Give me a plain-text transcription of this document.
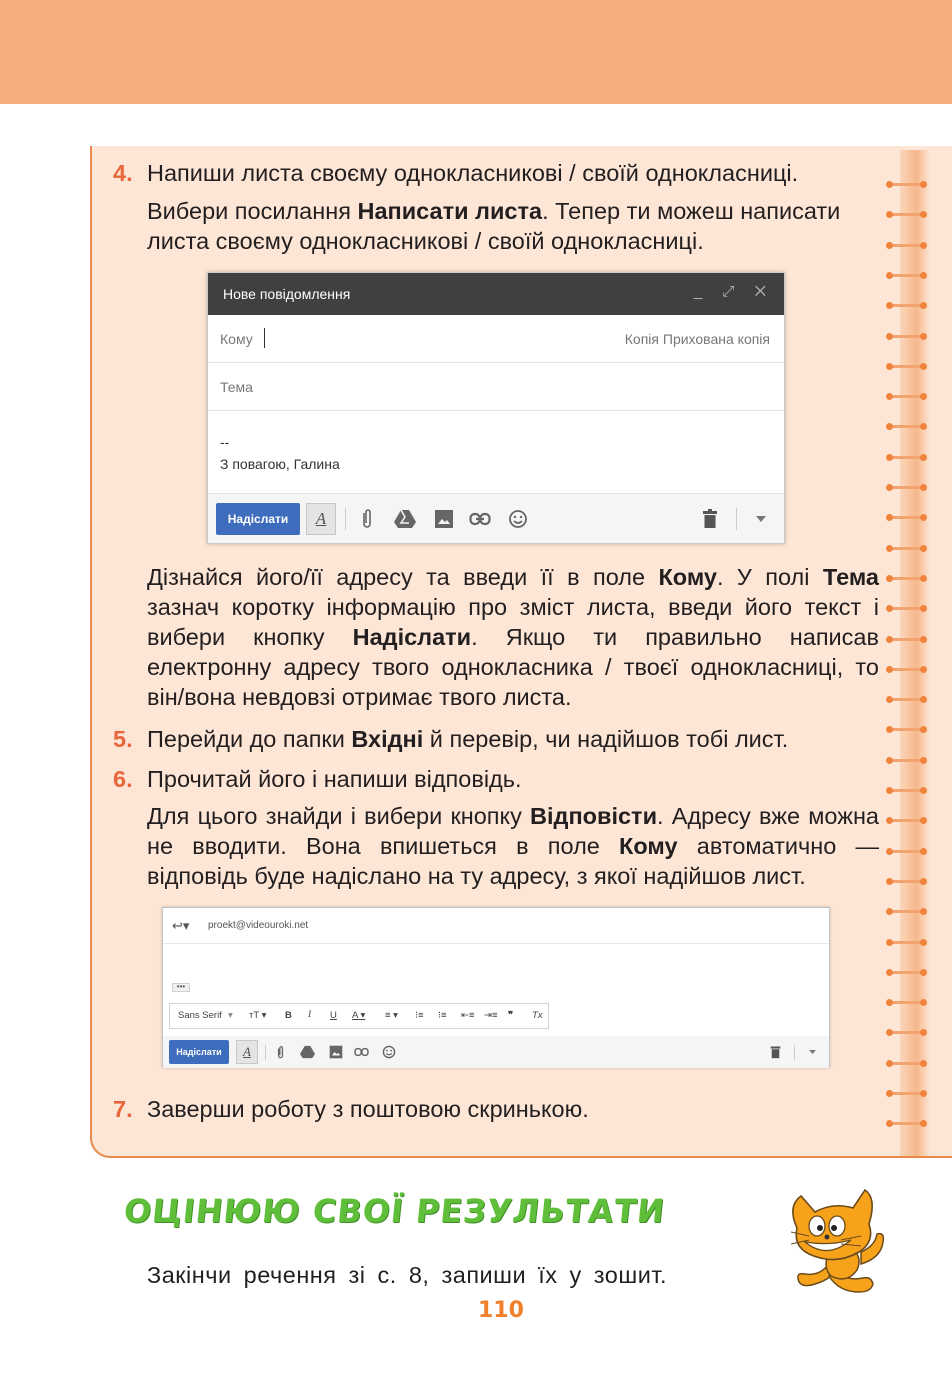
4. Напиши листа своєму однокласникові / своїй однокласниці.
Вибери посилання Написати листа. Тепер ти можеш написати листа своєму однокласникові / своїй однокласниці.
Нове повідомлення	_ ⤢ ✕
Кому	Копія Прихована копія
Тема
--
З повагою, Галина
Надіслати	A
Дізнайся його/її адресу та введи її в поле Кому. У полі Тема зазнач коротку інформацію про зміст листа, введи його текст і вибери кнопку Надіслати. Якщо ти правильно написав електронну адресу твого однокласника / твоєї однокласниці, то він/вона невдовзі отримає твого листа.
5. Перейди до папки Вхідні й перевір, чи надійшов тобі лист.
6. Прочитай його і напиши відповідь.
Для цього знайди і вибери кнопку Відповісти. Адресу вже можна не вводити. Вона впишеться в поле Кому автоматично — відповідь буде надіслано на ту адресу, з якої надійшов лист.
↩▾ proekt@videouroki.net
•••
Sans Serif ▾ тT ▾ B I U A ▾ ≡ ▾ ⁝≡ ⁝≡ ⇤≡ ⇥≡ ❞ Tx
Надіслати	A
7. Заверши роботу з поштовою скринькою.
ОЦІНЮЮ СВОЇ РЕЗУЛЬТАТИ
Закінчи речення зі с. 8, запиши їх у зошит.
110
